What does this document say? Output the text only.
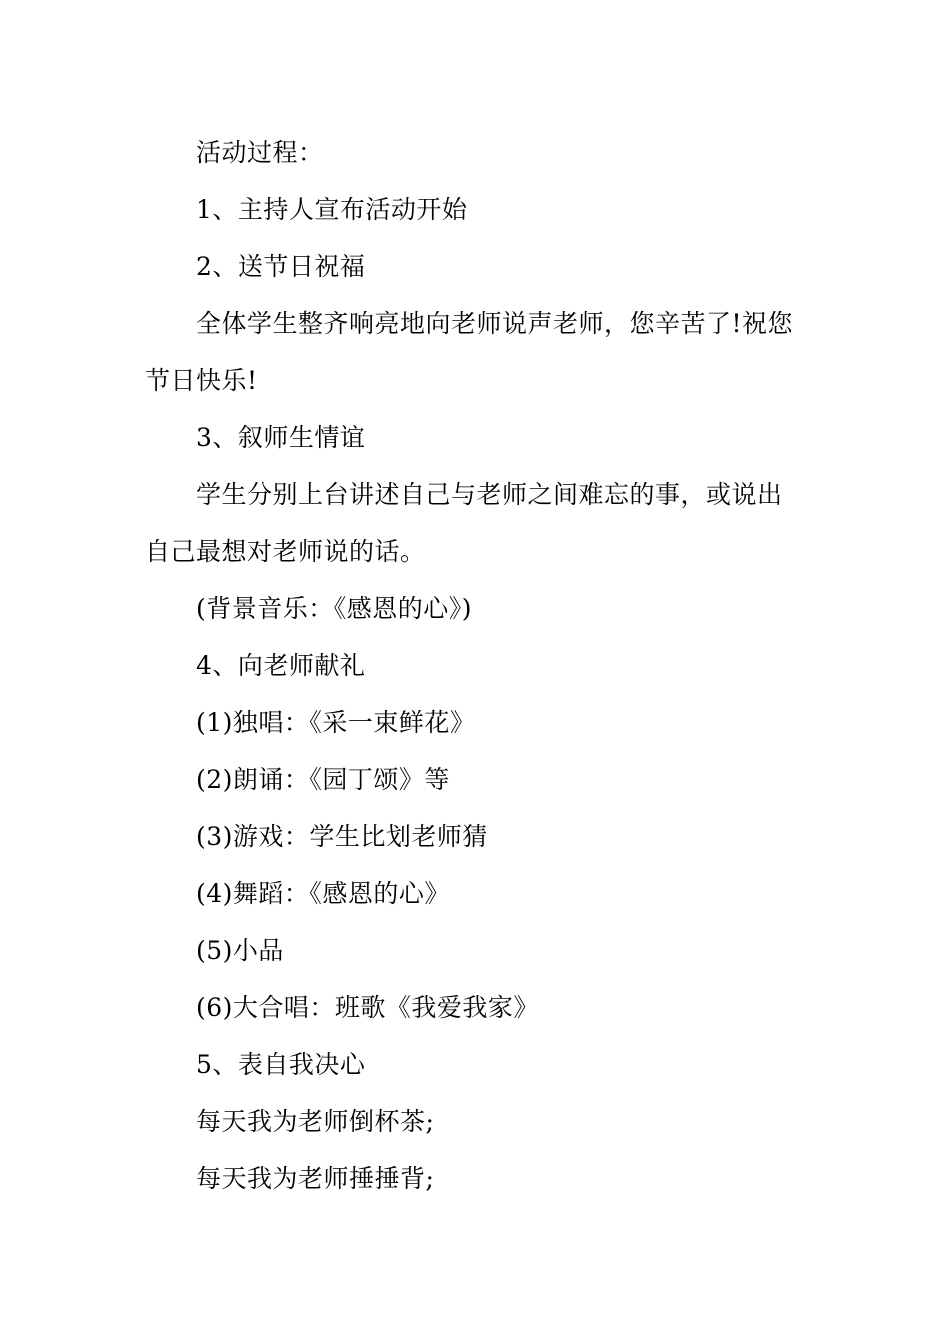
活动过程：
1、主持人宣布活动开始
2、送节日祝福
全体学生整齐响亮地向老师说声老师，您辛苦了!祝您
节日快乐!
3、叙师生情谊
学生分别上台讲述自己与老师之间难忘的事，或说出
自己最想对老师说的话。
(背景音乐：《感恩的心》)
4、向老师献礼
(1)独唱：《采一束鲜花》
(2)朗诵：《园丁颂》等
(3)游戏：学生比划老师猜
(4)舞蹈：《感恩的心》
(5)小品
(6)大合唱：班歌《我爱我家》
5、表自我决心
每天我为老师倒杯茶;
每天我为老师捶捶背;
